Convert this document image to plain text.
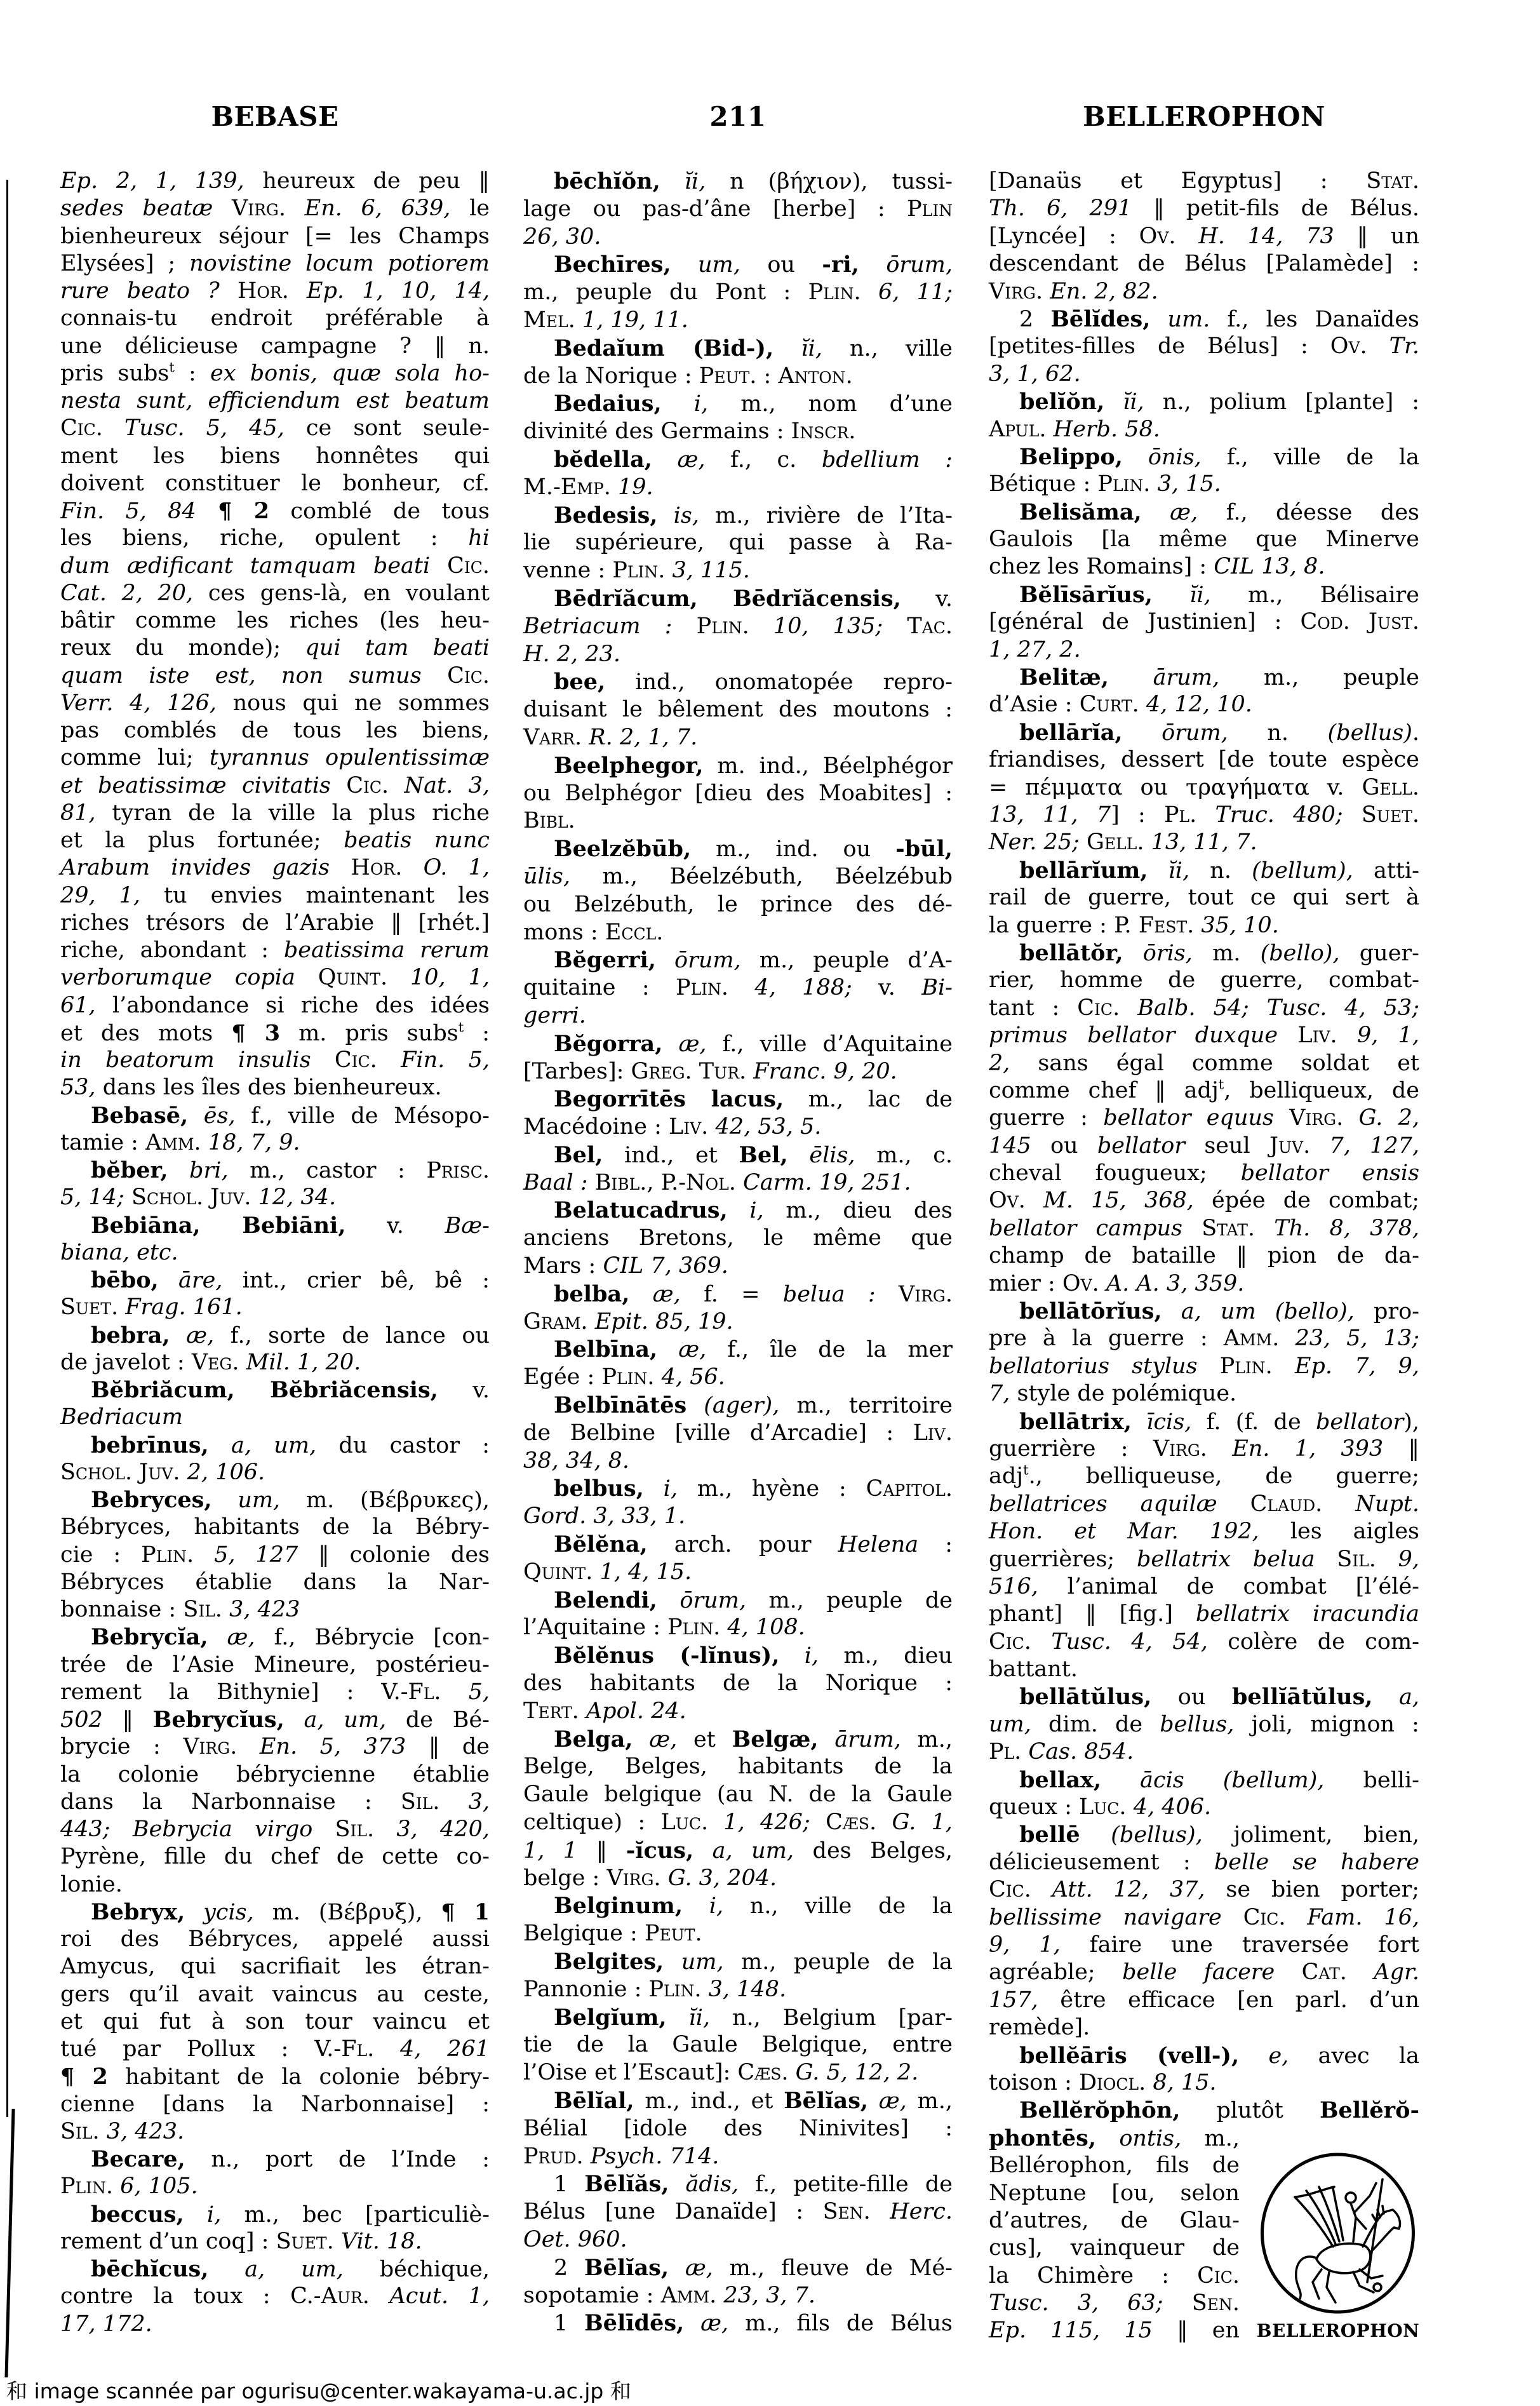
BEBASE	211	BELLEROPHON
Ep. 2, 1, 139, heureux de peu ‖
sedes beatæ Virg. En. 6, 639, le
bienheureux séjour [= les Champs
Elysées] ; novistine locum potiorem
rure beato ? Hor. Ep. 1, 10, 14,
connais-tu endroit préférable à
une délicieuse campagne ? ‖ n.
pris subs$^t$ : ex bonis, quæ sola ho-
nesta sunt, efficiendum est beatum
Cic. Tusc. 5, 45, ce sont seule-
ment les biens honnêtes qui
doivent constituer le bonheur, cf.
Fin. 5, 84 ¶ 2 comblé de tous
les biens, riche, opulent : hi
dum ædificant tamquam beati Cic.
Cat. 2, 20, ces gens-là, en voulant
bâtir comme les riches (les heu-
reux du monde); qui tam beati
quam iste est, non sumus Cic.
Verr. 4, 126, nous qui ne sommes
pas comblés de tous les biens,
comme lui; tyrannus opulentissimæ
et beatissimæ civitatis Cic. Nat. 3,
81, tyran de la ville la plus riche
et la plus fortunée; beatis nunc
Arabum invides gazis Hor. O. 1,
29, 1, tu envies maintenant les
riches trésors de l’Arabie ‖ [rhét.]
riche, abondant : beatissima rerum
verborumque copia Quint. 10, 1,
61, l’abondance si riche des idées
et des mots ¶ 3 m. pris subs$^t$ :
in beatorum insulis Cic. Fin. 5,
53, dans les îles des bienheureux.
Bebasē, ēs, f., ville de Mésopo-
tamie : Amm. 18, 7, 9.
bĕber, bri, m., castor : Prisc.
5, 14; Schol. Juv. 12, 34.
Bebiāna, Bebiāni, v. Bæ-
biana, etc.
bēbo, āre, int., crier bê, bê :
Suet. Frag. 161.
bebra, æ, f., sorte de lance ou
de javelot : Veg. Mil. 1, 20.
Bĕbriăcum, Bĕbriăcensis, v.
Bedriacum
bebrīnus, a, um, du castor :
Schol. Juv. 2, 106.
Bebryces, um, m. (Βέβρυκες),
Bébryces, habitants de la Bébry-
cie : Plin. 5, 127 ‖ colonie des
Bébryces établie dans la Nar-
bonnaise : Sil. 3, 423
Bebrycĭa, æ, f., Bébrycie [con-
trée de l’Asie Mineure, postérieu-
rement la Bithynie] : V.-Fl. 5,
502 ‖ Bebrycĭus, a, um, de Bé-
brycie : Virg. En. 5, 373 ‖ de
la colonie bébrycienne établie
dans la Narbonnaise : Sil. 3,
443; Bebrycia virgo Sil. 3, 420,
Pyrène, fille du chef de cette co-
lonie.
Bebryx, ycis, m. (Βέβρυξ), ¶ 1
roi des Bébryces, appelé aussi
Amycus, qui sacrifiait les étran-
gers qu’il avait vaincus au ceste,
et qui fut à son tour vaincu et
tué par Pollux : V.-Fl. 4, 261
¶ 2 habitant de la colonie bébry-
cienne [dans la Narbonnaise] :
Sil. 3, 423.
Becare, n., port de l’Inde :
Plin. 6, 105.
beccus, i, m., bec [particuliè-
rement d’un coq] : Suet. Vit. 18.
bēchĭcus, a, um, béchique,
contre la toux : C.-Aur. Acut. 1,
17, 172.
bēchĭŏn, ĭi, n (βήχιον), tussi-
lage ou pas-d’âne [herbe] : Plin
26, 30.
Bechīres, um, ou -ri, ōrum,
m., peuple du Pont : Plin. 6, 11;
Mel. 1, 19, 11.
Bedaĭum (Bid-), ĭi, n., ville
de la Norique : Peut. : Anton.
Bedaius, i, m., nom d’une
divinité des Germains : Inscr.
bĕdella, æ, f., c. bdellium :
M.-Emp. 19.
Bedesis, is, m., rivière de l’Ita-
lie supérieure, qui passe à Ra-
venne : Plin. 3, 115.
Bēdrĭăcum, Bēdrĭăcensis, v.
Betriacum : Plin. 10, 135; Tac.
H. 2, 23.
bee, ind., onomatopée repro-
duisant le bêlement des moutons :
Varr. R. 2, 1, 7.
Beelphegor, m. ind., Béelphégor
ou Belphégor [dieu des Moabites] :
Bibl.
Beelzĕbūb, m., ind. ou -būl,
ūlis, m., Béelzébuth, Béelzébub
ou Belzébuth, le prince des dé-
mons : Eccl.
Bĕgerri, ōrum, m., peuple d’A-
quitaine : Plin. 4, 188; v. Bi-
gerri.
Bĕgorra, æ, f., ville d’Aquitaine
[Tarbes]: Greg. Tur. Franc. 9, 20.
Begorrītēs lacus, m., lac de
Macédoine : Liv. 42, 53, 5.
Bel, ind., et Bel, ēlis, m., c.
Baal : Bibl., P.-Nol. Carm. 19, 251.
Belatucadrus, i, m., dieu des
anciens Bretons, le même que
Mars : CIL 7, 369.
belba, æ, f. = belua : Virg.
Gram. Epit. 85, 19.
Belbīna, æ, f., île de la mer
Egée : Plin. 4, 56.
Belbīnātēs (ager), m., territoire
de Belbine [ville d’Arcadie] : Liv.
38, 34, 8.
belbus, i, m., hyène : Capitol.
Gord. 3, 33, 1.
Bĕlĕna, arch. pour Helena :
Quint. 1, 4, 15.
Belendi, ōrum, m., peuple de
l’Aquitaine : Plin. 4, 108.
Bĕlĕnus (-lĭnus), i, m., dieu
des habitants de la Norique :
Tert. Apol. 24.
Belga, æ, et Belgæ, ārum, m.,
Belge, Belges, habitants de la
Gaule belgique (au N. de la Gaule
celtique) : Luc. 1, 426; Cæs. G. 1,
1, 1 ‖ -ĭcus, a, um, des Belges,
belge : Virg. G. 3, 204.
Belginum, i, n., ville de la
Belgique : Peut.
Belgites, um, m., peuple de la
Pannonie : Plin. 3, 148.
Belgĭum, ĭi, n., Belgium [par-
tie de la Gaule Belgique, entre
l’Oise et l’Escaut]: Cæs. G. 5, 12, 2.
Bēlĭal, m., ind., et Bēlĭas, æ, m.,
Bélial [idole des Ninivites] :
Prud. Psych. 714.
1 Bēlĭăs, ădis, f., petite-fille de
Bélus [une Danaïde] : Sen. Herc.
Oet. 960.
2 Bēlĭas, æ, m., fleuve de Mé-
sopotamie : Amm. 23, 3, 7.
1 Bēlīdēs, æ, m., fils de Bélus
[Danaüs et Egyptus] : Stat.
Th. 6, 291 ‖ petit-fils de Bélus.
[Lyncée] : Ov. H. 14, 73 ‖ un
descendant de Bélus [Palamède] :
Virg. En. 2, 82.
2 Bēlĭdes, um. f., les Danaïdes
[petites-filles de Bélus] : Ov. Tr.
3, 1, 62.
belĭŏn, ĭi, n., polium [plante] :
Apul. Herb. 58.
Belippo, ōnis, f., ville de la
Bétique : Plin. 3, 15.
Belisăma, æ, f., déesse des
Gaulois [la même que Minerve
chez les Romains] : CIL 13, 8.
Bĕlīsārĭus, ĭi, m., Bélisaire
[général de Justinien] : Cod. Just.
1, 27, 2.
Belitæ, ārum, m., peuple
d’Asie : Curt. 4, 12, 10.
bellārĭa, ōrum, n. (bellus).
friandises, dessert [de toute espèce
= πέμματα ou τραγήματα v. Gell.
13, 11, 7] : Pl. Truc. 480; Suet.
Ner. 25; Gell. 13, 11, 7.
bellārĭum, ĭi, n. (bellum), atti-
rail de guerre, tout ce qui sert à
la guerre : P. Fest. 35, 10.
bellātŏr, ōris, m. (bello), guer-
rier, homme de guerre, combat-
tant : Cic. Balb. 54; Tusc. 4, 53;
primus bellator duxque Liv. 9, 1,
2, sans égal comme soldat et
comme chef ‖ adj$^t$, belliqueux, de
guerre : bellator equus Virg. G. 2,
145 ou bellator seul Juv. 7, 127,
cheval fougueux; bellator ensis
Ov. M. 15, 368, épée de combat;
bellator campus Stat. Th. 8, 378,
champ de bataille ‖ pion de da-
mier : Ov. A. A. 3, 359.
bellātōrĭus, a, um (bello), pro-
pre à la guerre : Amm. 23, 5, 13;
bellatorius stylus Plin. Ep. 7, 9,
7, style de polémique.
bellātrix, īcis, f. (f. de bellator),
guerrière : Virg. En. 1, 393 ‖
adj$^t$., belliqueuse, de guerre;
bellatrices aquilæ Claud. Nupt.
Hon. et Mar. 192, les aigles
guerrières; bellatrix belua Sil. 9,
516, l’animal de combat [l’élé-
phant] ‖ [fig.] bellatrix iracundia
Cic. Tusc. 4, 54, colère de com-
battant.
bellātŭlus, ou bellĭātŭlus, a,
um, dim. de bellus, joli, mignon :
Pl. Cas. 854.
bellax, ācis (bellum), belli-
queux : Luc. 4, 406.
bellē (bellus), joliment, bien,
délicieusement : belle se habere
Cic. Att. 12, 37, se bien porter;
bellissime navigare Cic. Fam. 16,
9, 1, faire une traversée fort
agréable; belle facere Cat. Agr.
157, être efficace [en parl. d’un
remède].
bellĕāris (vell-), e, avec la
toison : Diocl. 8, 15.
Bellĕrŏphōn, plutôt Bellĕrŏ-
phontēs, ontis, m.,
Bellérophon, fils de
Neptune [ou, selon
d’autres, de Glau-
cus], vainqueur de
la Chimère : Cic.
Tusc. 3, 63; Sen.
Ep. 115, 15 ‖ en BELLEROPHON
和 image scannée par ogurisu@center.wakayama-u.ac.jp 和
